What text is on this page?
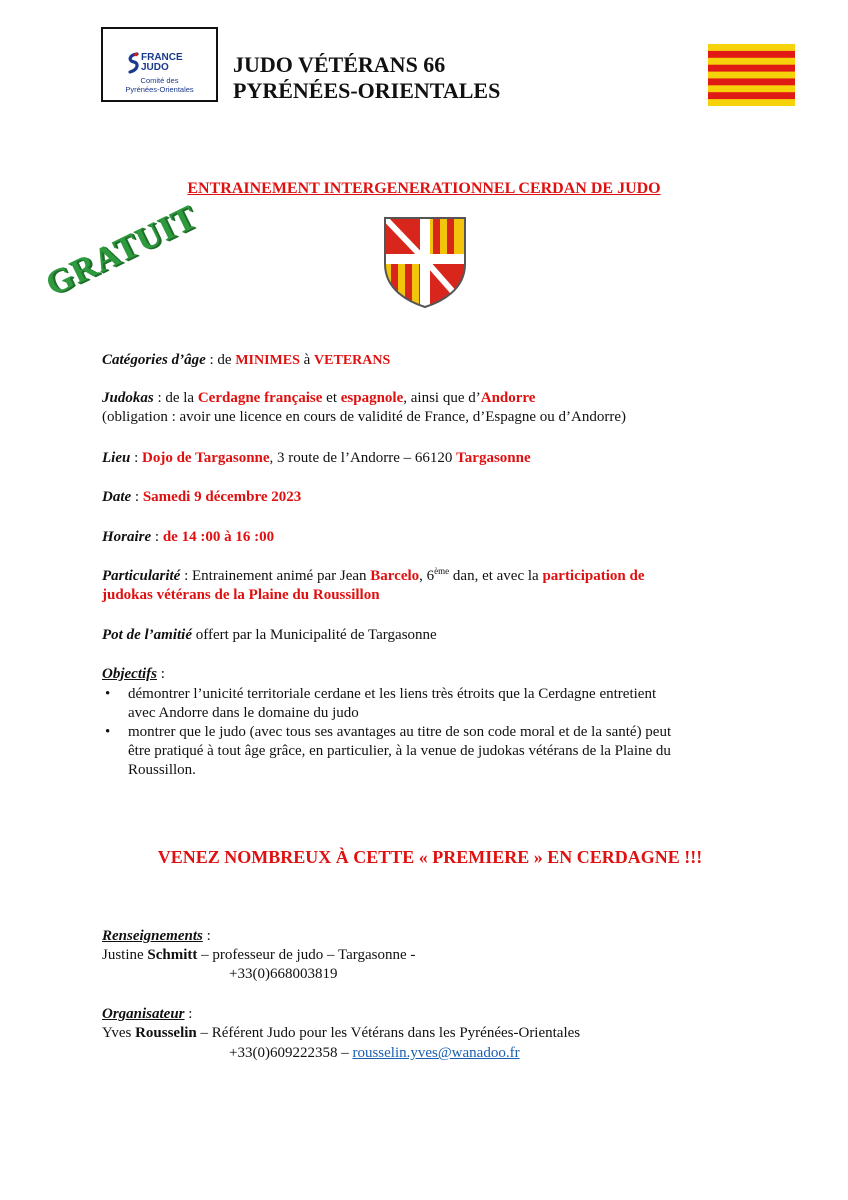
FRANCE
JUDO
Comité des
Pyrénées-Orientales
JUDO VÉTÉRANS 66
PYRÉNÉES-ORIENTALES
ENTRAINEMENT INTERGENERATIONNEL CERDAN DE JUDO
GRATUIT
Catégories d’âge : de MINIMES à VETERANS
Judokas : de la Cerdagne française et espagnole, ainsi que d’Andorre
(obligation : avoir une licence en cours de validité de France, d’Espagne ou d’Andorre)
Lieu : Dojo de Targasonne, 3 route de l’Andorre – 66120 Targasonne
Date : Samedi 9 décembre 2023
Horaire : de 14 :00 à 16 :00
Particularité : Entrainement animé par Jean Barcelo, 6ème dan, et avec la participation de
judokas vétérans de la Plaine du Roussillon
Pot de l’amitié offert par la Municipalité de Targasonne
Objectifs :
• démontrer l’unicité territoriale cerdane et les liens très étroits que la Cerdagne entretient
avec Andorre dans le domaine du judo
• montrer que le judo (avec tous ses avantages au titre de son code moral et de la santé) peut
être pratiqué à tout âge grâce, en particulier, à la venue de judokas vétérans de la Plaine du
Roussillon.
VENEZ NOMBREUX À CETTE « PREMIERE » EN CERDAGNE !!!
Renseignements :
Justine Schmitt – professeur de judo – Targasonne -
+33(0)668003819
Organisateur :
Yves Rousselin – Référent Judo pour les Vétérans dans les Pyrénées-Orientales
+33(0)609222358 – rousselin.yves@wanadoo.fr
